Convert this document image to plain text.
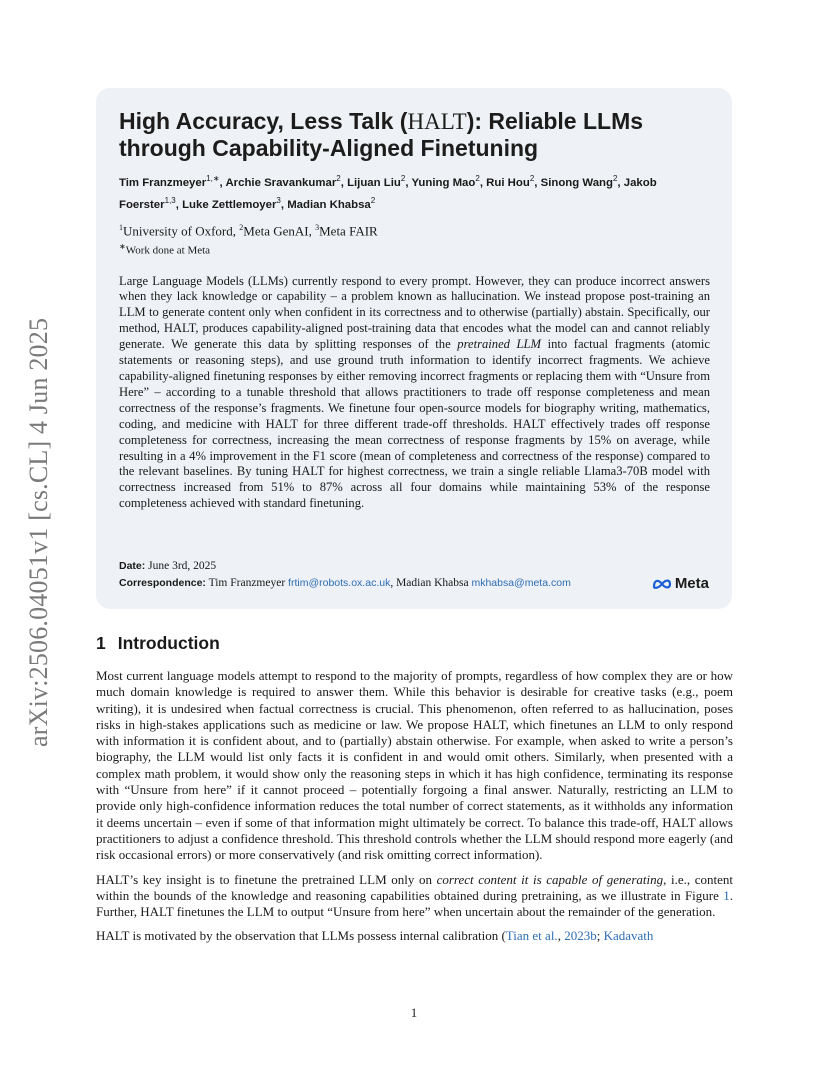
arXiv:2506.04051v1 [cs.CL] 4 Jun 2025
High Accuracy, Less Talk (HALT): Reliable LLMs through Capability-Aligned Finetuning
Tim Franzmeyer$^{1,∗}$, Archie Sravankumar$^2$, Lijuan Liu$^2$, Yuning Mao$^2$, Rui Hou$^2$, Sinong Wang$^2$, Jakob Foerster$^{1,3}$, Luke Zettlemoyer$^3$, Madian Khabsa$^2$
$^1$University of Oxford, $^2$Meta GenAI, $^3$Meta FAIR
∗Work done at Meta

Large Language Models (LLMs) currently respond to every prompt. However, they can produce incorrect answers when they lack knowledge or capability – a problem known as hallucination. We instead propose post-training an LLM to generate content only when confident in its correctness and to otherwise (partially) abstain. Specifically, our method, HALT, produces capability-aligned post-training data that encodes what the model can and cannot reliably generate. We generate this data by splitting responses of the pretrained LLM into factual fragments (atomic statements or reasoning steps), and use ground truth information to identify incorrect fragments. We achieve capability-aligned finetuning responses by either removing incorrect fragments or replacing them with “Unsure from Here” – according to a tunable threshold that allows practitioners to trade off response completeness and mean correctness of the response’s fragments. We finetune four open-source models for biography writing, mathematics, coding, and medicine with HALT for three different trade-off thresholds. HALT effectively trades off response completeness for correctness, increasing the mean correctness of response fragments by 15% on average, while resulting in a 4% improvement in the F1 score (mean of completeness and correctness of the response) compared to the relevant baselines. By tuning HALT for highest correctness, we train a single reliable Llama3-70B model with correctness increased from 51% to 87% across all four domains while maintaining 53% of the response completeness achieved with standard finetuning.

Date: June 3rd, 2025
Correspondence: Tim Franzmeyer frtim@robots.ox.ac.uk, Madian Khabsa mkhabsa@meta.com	Meta
1 Introduction

Most current language models attempt to respond to the majority of prompts, regardless of how complex they are or how much domain knowledge is required to answer them. While this behavior is desirable for creative tasks (e.g., poem writing), it is undesired when factual correctness is crucial. This phenomenon, often referred to as hallucination, poses risks in high-stakes applications such as medicine or law. We propose HALT, which finetunes an LLM to only respond with information it is confident about, and to (partially) abstain otherwise. For example, when asked to write a person’s biography, the LLM would list only facts it is confident in and would omit others. Similarly, when presented with a complex math problem, it would show only the reasoning steps in which it has high confidence, terminating its response with “Unsure from here” if it cannot proceed – potentially forgoing a final answer. Naturally, restricting an LLM to provide only high-confidence information reduces the total number of correct statements, as it withholds any information it deems uncertain – even if some of that information might ultimately be correct. To balance this trade-off, HALT allows practitioners to adjust a confidence threshold. This threshold controls whether the LLM should respond more eagerly (and risk occasional errors) or more conservatively (and risk omitting correct information).

HALT’s key insight is to finetune the pretrained LLM only on correct content it is capable of generating, i.e., content within the bounds of the knowledge and reasoning capabilities obtained during pretraining, as we illustrate in Figure 1. Further, HALT finetunes the LLM to output “Unsure from here” when uncertain about the remainder of the generation.

HALT is motivated by the observation that LLMs possess internal calibration (Tian et al., 2023b; Kadavath

1
